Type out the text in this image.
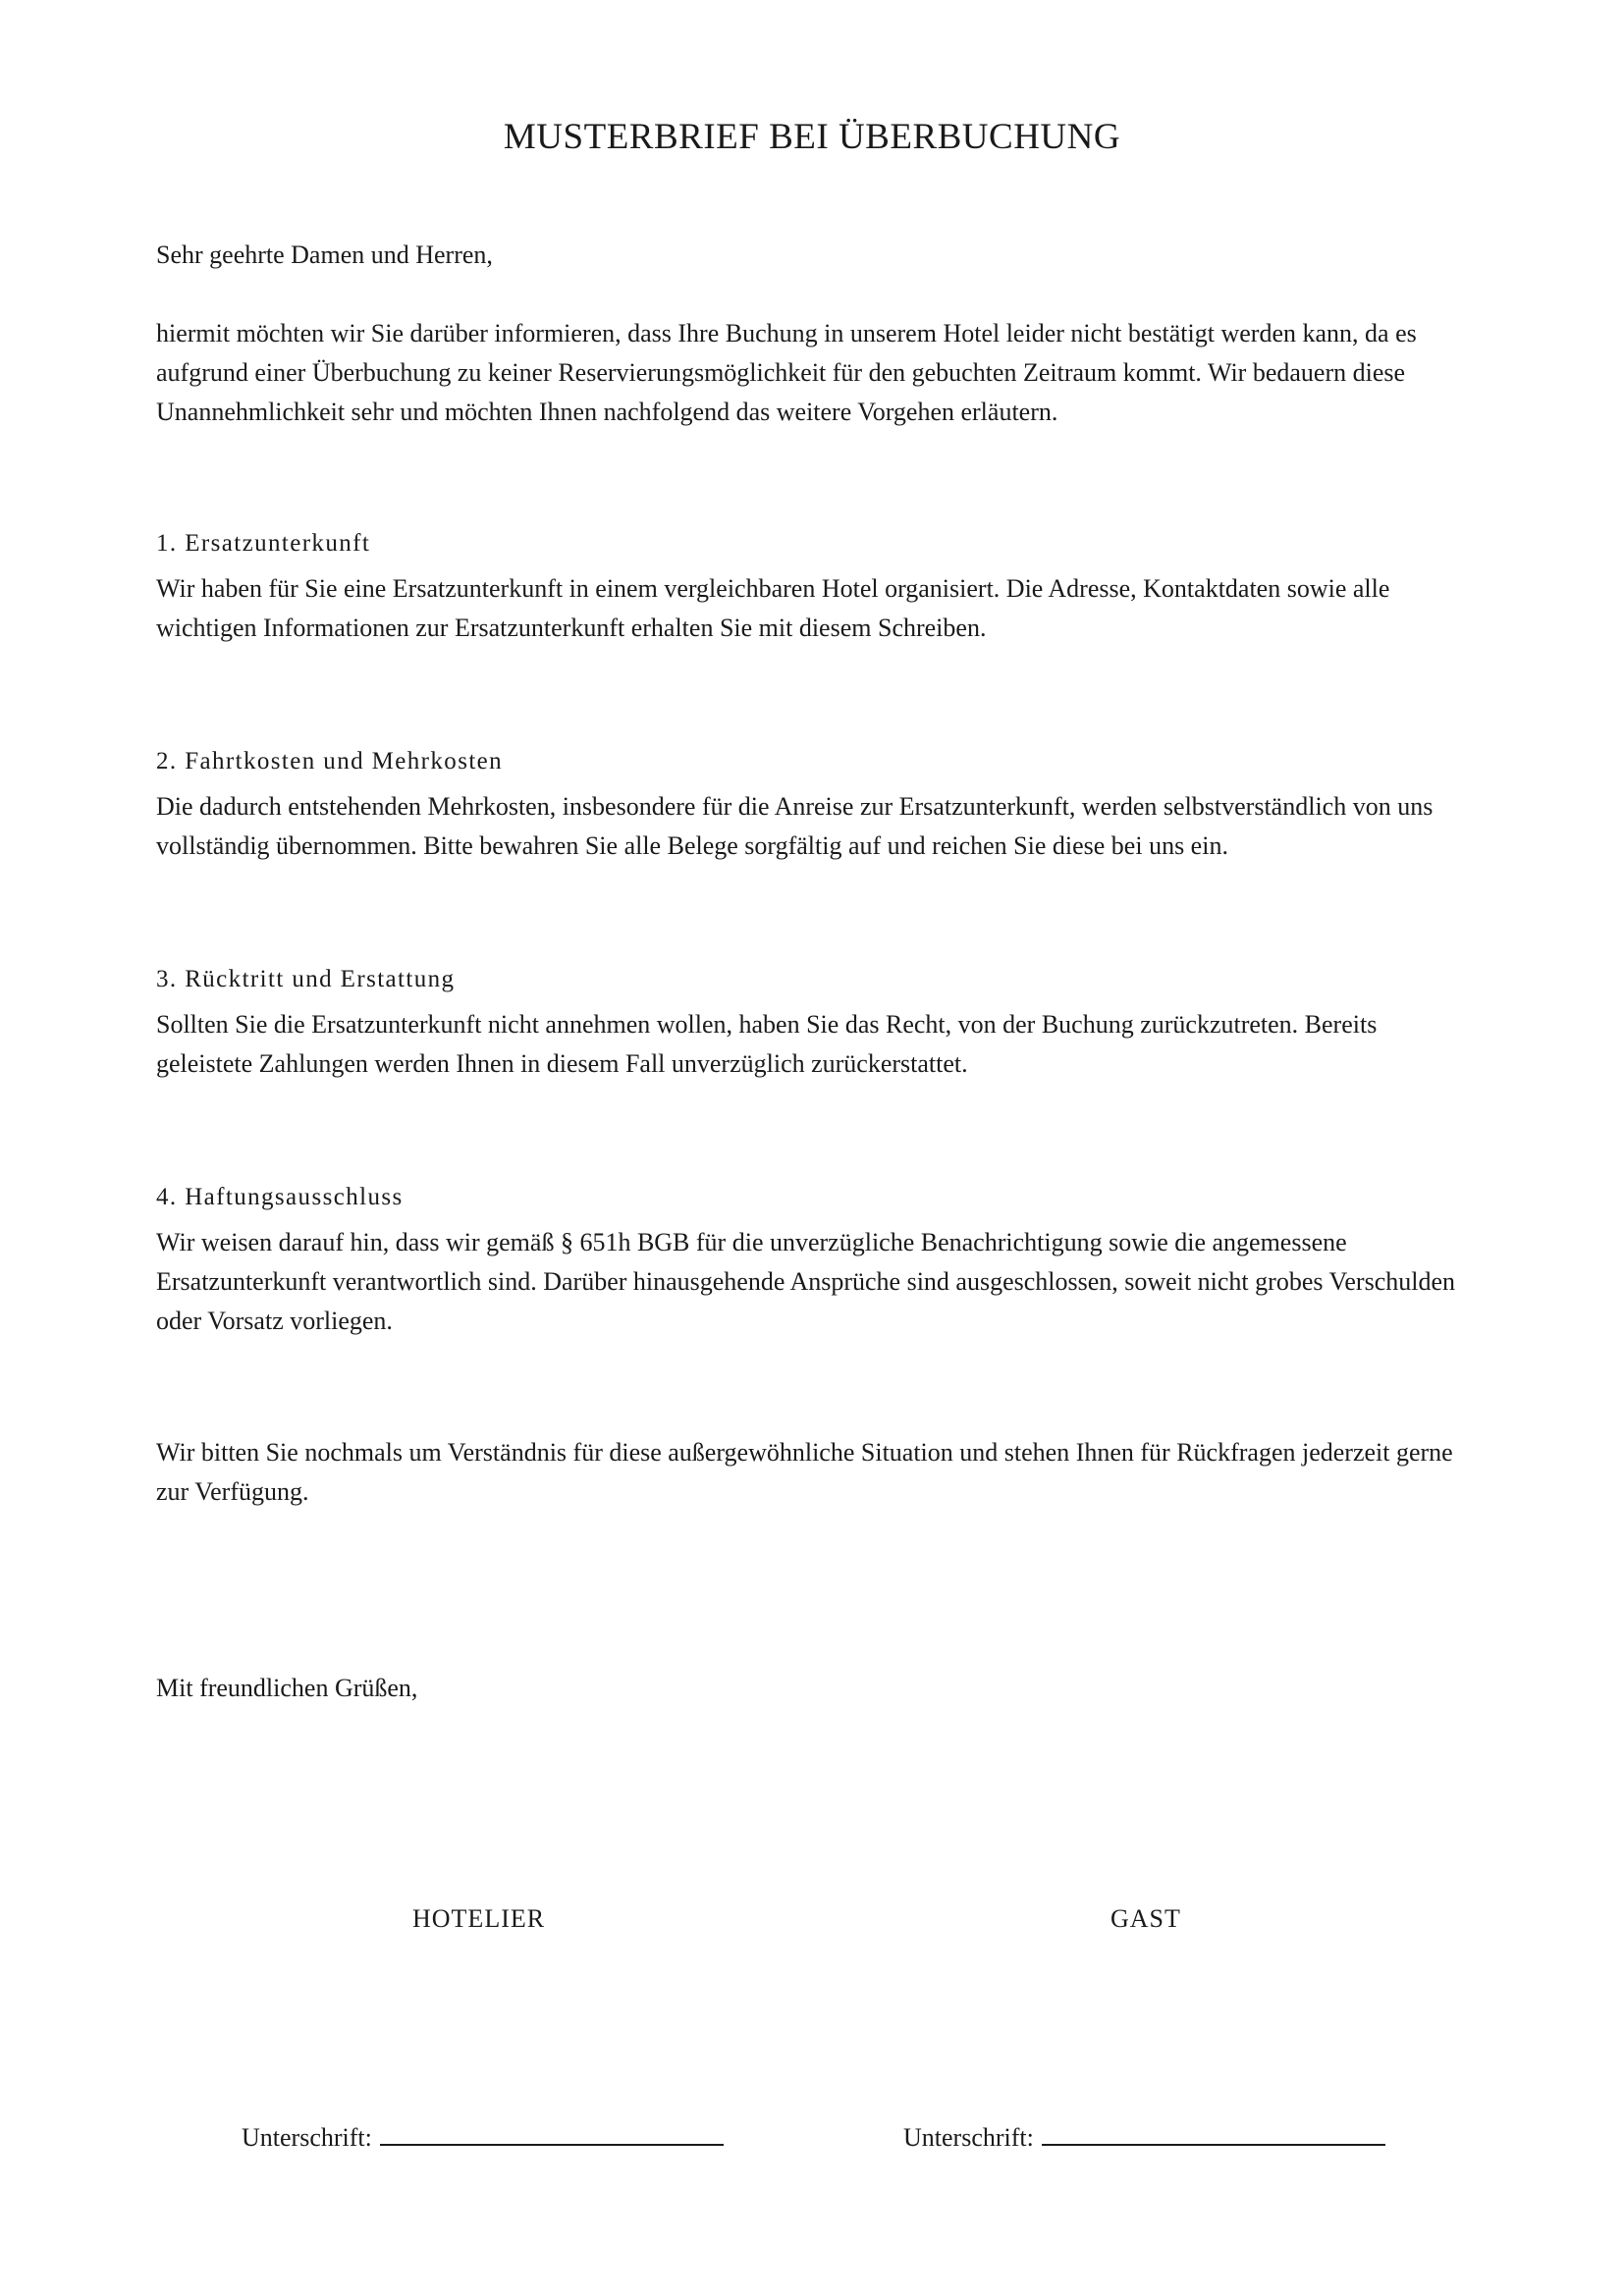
MUSTERBRIEF BEI ÜBERBUCHUNG
Sehr geehrte Damen und Herren,
hiermit möchten wir Sie darüber informieren, dass Ihre Buchung in unserem Hotel leider nicht bestätigt werden kann, da es aufgrund einer Überbuchung zu keiner Reservierungsmöglichkeit für den gebuchten Zeitraum kommt. Wir bedauern diese Unannehmlichkeit sehr und möchten Ihnen nachfolgend das weitere Vorgehen erläutern.
1. Ersatzunterkunft
Wir haben für Sie eine Ersatzunterkunft in einem vergleichbaren Hotel organisiert. Die Adresse, Kontaktdaten sowie alle wichtigen Informationen zur Ersatzunterkunft erhalten Sie mit diesem Schreiben.
2. Fahrtkosten und Mehrkosten
Die dadurch entstehenden Mehrkosten, insbesondere für die Anreise zur Ersatzunterkunft, werden selbstverständlich von uns vollständig übernommen. Bitte bewahren Sie alle Belege sorgfältig auf und reichen Sie diese bei uns ein.
3. Rücktritt und Erstattung
Sollten Sie die Ersatzunterkunft nicht annehmen wollen, haben Sie das Recht, von der Buchung zurückzutreten. Bereits geleistete Zahlungen werden Ihnen in diesem Fall unverzüglich zurückerstattet.
4. Haftungsausschluss
Wir weisen darauf hin, dass wir gemäß § 651h BGB für die unverzügliche Benachrichtigung sowie die angemessene Ersatzunterkunft verantwortlich sind. Darüber hinausgehende Ansprüche sind ausgeschlossen, soweit nicht grobes Verschulden oder Vorsatz vorliegen.
Wir bitten Sie nochmals um Verständnis für diese außergewöhnliche Situation und stehen Ihnen für Rückfragen jederzeit gerne zur Verfügung.
Mit freundlichen Grüßen,
HOTELIER	GAST
Unterschrift:	Unterschrift:
